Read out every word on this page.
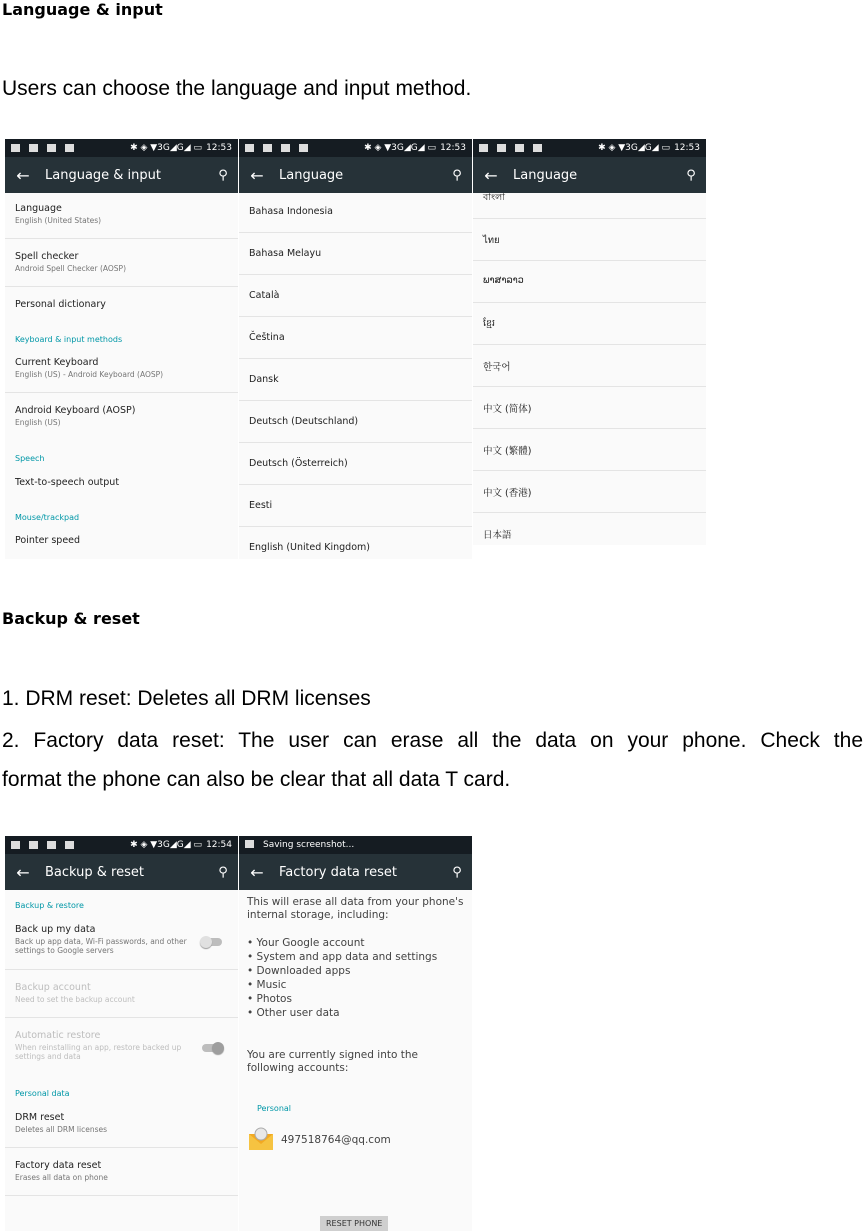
Language & input
Users can choose the language and input method.
✱ ◈ ▼3G◢G◢ ▭ 12:53
←	Language & input	⚲
Language
English (United States)
Spell checker
Android Spell Checker (AOSP)
Personal dictionary
Keyboard & input methods
Current Keyboard
English (US) - Android Keyboard (AOSP)
Android Keyboard (AOSP)
English (US)
Speech
Text-to-speech output
Mouse/trackpad
Pointer speed
✱ ◈ ▼3G◢G◢ ▭ 12:53
←	Language	⚲
Bahasa Indonesia
Bahasa Melayu
Català
Čeština
Dansk
Deutsch (Deutschland)
Deutsch (Österreich)
Eesti
English (United Kingdom)
✱ ◈ ▼3G◢G◢ ▭ 12:53
←	Language	⚲
বাংলা
ไทย
ພາສາລາວ
ខ្មែរ
한국어
中文 (简体)
中文 (繁體)
中文 (香港)
日本語
Backup & reset
1. DRM reset: Deletes all DRM licenses
2. Factory data reset: The user can erase all the data on your phone. Check the
format the phone can also be clear that all data T card.
✱ ◈ ▼3G◢G◢ ▭ 12:54
←	Backup & reset	⚲
Backup & restore
Back up my data
Back up app data, Wi-Fi passwords, and other settings to Google servers
Backup account
Need to set the backup account
Automatic restore
When reinstalling an app, restore backed up settings and data
Personal data
DRM reset
Deletes all DRM licenses
Factory data reset
Erases all data on phone
Saving screenshot...
←	Factory data reset	⚲
This will erase all data from your phone's internal storage, including:
• Your Google account
• System and app data and settings
• Downloaded apps
• Music
• Photos
• Other user data
You are currently signed into the following accounts:
Personal
497518764@qq.com
RESET PHONE
